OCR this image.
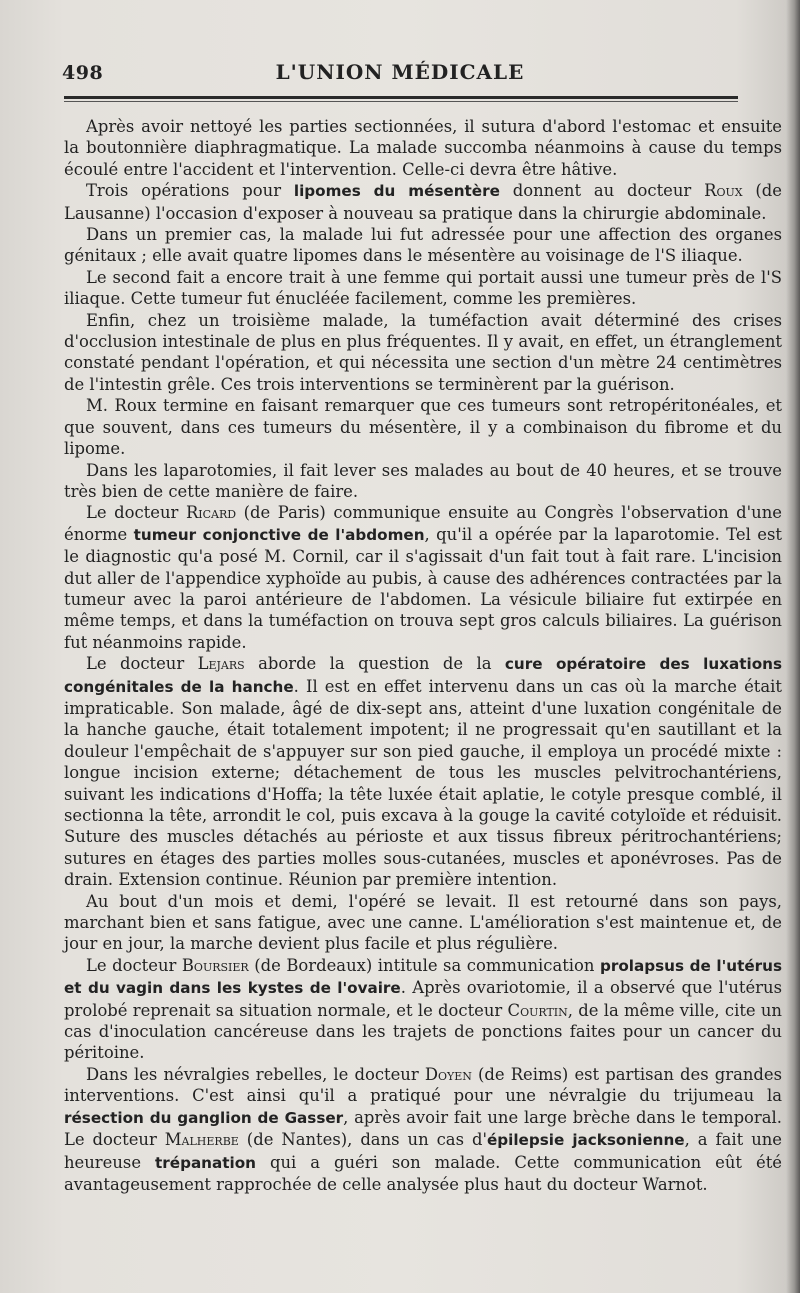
498	L'UNION MÉDICALE

Après avoir nettoyé les parties sectionnées, il sutura d'abord l'estomac et ensuite la boutonnière diaphragmatique. La malade succomba néanmoins à cause du temps écoulé entre l'accident et l'intervention. Celle-ci devra être hâtive.

Trois opérations pour lipomes du mésentère donnent au docteur Roux (de Lausanne) l'occasion d'exposer à nouveau sa pratique dans la chirurgie abdominale.

Dans un premier cas, la malade lui fut adressée pour une affection des organes génitaux ; elle avait quatre lipomes dans le mésentère au voisinage de l'S iliaque.

Le second fait a encore trait à une femme qui portait aussi une tumeur près de l'S iliaque. Cette tumeur fut énucléée facilement, comme les premières.

Enfin, chez un troisième malade, la tuméfaction avait déterminé des crises d'occlusion intestinale de plus en plus fréquentes. Il y avait, en effet, un étranglement constaté pendant l'opération, et qui nécessita une section d'un mètre 24 centimètres de l'intestin grêle. Ces trois interventions se terminèrent par la guérison.

M. Roux termine en faisant remarquer que ces tumeurs sont retropéritonéales, et que souvent, dans ces tumeurs du mésentère, il y a combinaison du fibrome et du lipome.

Dans les laparotomies, il fait lever ses malades au bout de 40 heures, et se trouve très bien de cette manière de faire.

Le docteur Ricard (de Paris) communique ensuite au Congrès l'observation d'une énorme tumeur conjonctive de l'abdomen, qu'il a opérée par la laparotomie. Tel est le diagnostic qu'a posé M. Cornil, car il s'agissait d'un fait tout à fait rare. L'incision dut aller de l'appendice xyphoïde au pubis, à cause des adhérences contractées par la tumeur avec la paroi antérieure de l'abdomen. La vésicule biliaire fut extirpée en même temps, et dans la tuméfaction on trouva sept gros calculs biliaires. La guérison fut néanmoins rapide.

Le docteur Lejars aborde la question de la cure opératoire des luxations congénitales de la hanche. Il est en effet intervenu dans un cas où la marche était impraticable. Son malade, âgé de dix-sept ans, atteint d'une luxation congénitale de la hanche gauche, était totalement impotent; il ne progressait qu'en sautillant et la douleur l'empêchait de s'appuyer sur son pied gauche, il employa un procédé mixte : longue incision externe; détachement de tous les muscles pelvitrochantériens, suivant les indications d'Hoffa; la tête luxée était aplatie, le cotyle presque comblé, il sectionna la tête, arrondit le col, puis excava à la gouge la cavité cotyloïde et réduisit. Suture des muscles détachés au périoste et aux tissus fibreux péritrochantériens; sutures en étages des parties molles sous-cutanées, muscles et aponévroses. Pas de drain. Extension continue. Réunion par première intention.

Au bout d'un mois et demi, l'opéré se levait. Il est retourné dans son pays, marchant bien et sans fatigue, avec une canne. L'amélioration s'est maintenue et, de jour en jour, la marche devient plus facile et plus régulière.

Le docteur Boursier (de Bordeaux) intitule sa communication prolapsus de l'utérus et du vagin dans les kystes de l'ovaire. Après ovariotomie, il a observé que l'utérus prolobé reprenait sa situation normale, et le docteur Courtin, de la même ville, cite un cas d'inoculation cancéreuse dans les trajets de ponctions faites pour un cancer du péritoine.

Dans les névralgies rebelles, le docteur Doyen (de Reims) est partisan des grandes interventions. C'est ainsi qu'il a pratiqué pour une névralgie du trijumeau la résection du ganglion de Gasser, après avoir fait une large brèche dans le temporal. Le docteur Malherbe (de Nantes), dans un cas d'épilepsie jacksonienne, a fait une heureuse trépanation qui a guéri son malade. Cette communication eût été avantageusement rapprochée de celle analysée plus haut du docteur Warnot.
